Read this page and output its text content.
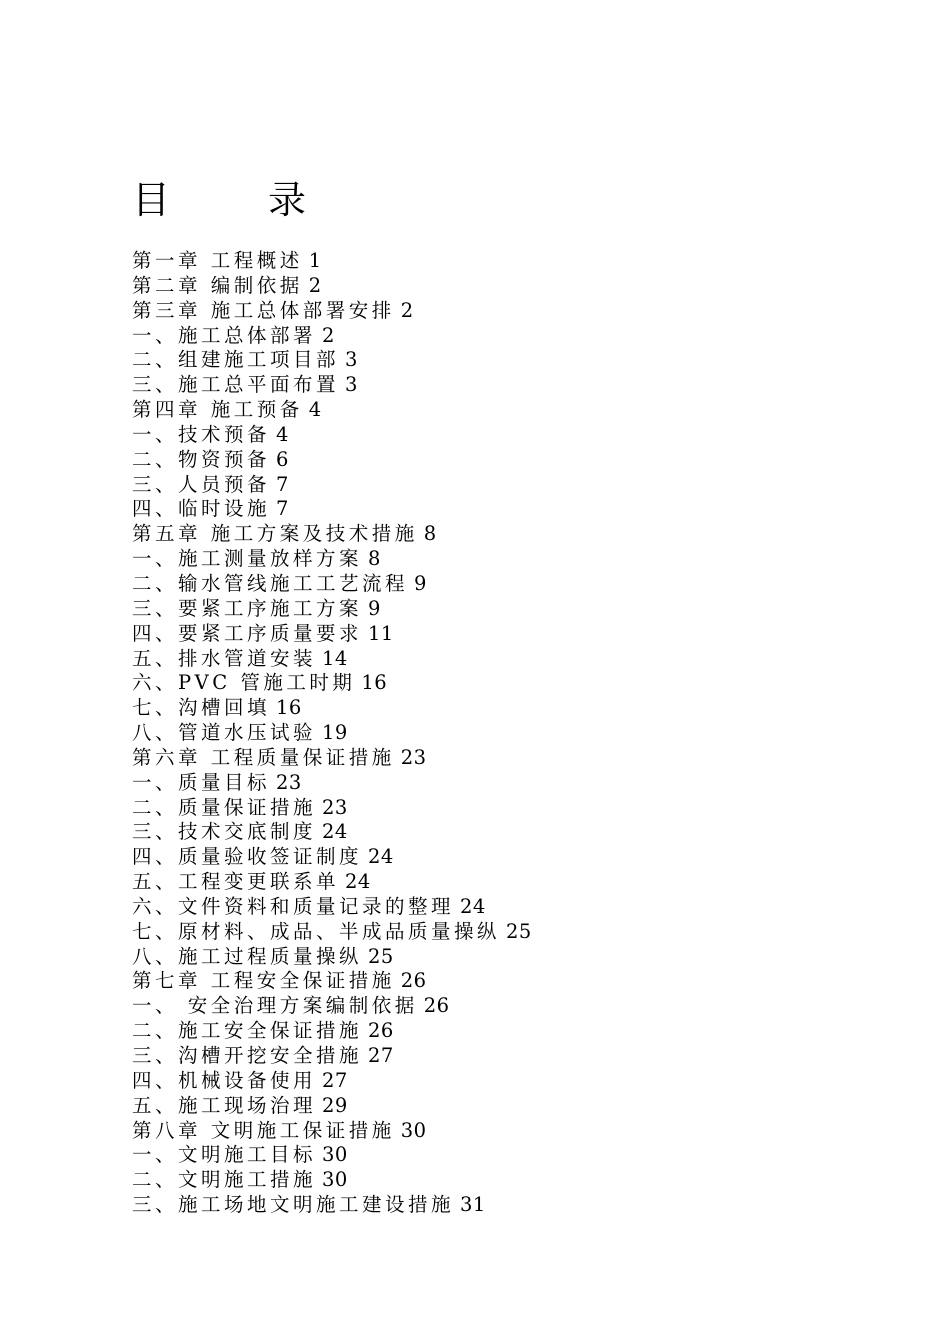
目　录
第一章 工程概述 1
第二章 编制依据 2
第三章 施工总体部署安排 2
一、施工总体部署 2
二、组建施工项目部 3
三、施工总平面布置 3
第四章 施工预备 4
一、技术预备 4
二、物资预备 6
三、人员预备 7
四、临时设施 7
第五章 施工方案及技术措施 8
一、施工测量放样方案 8
二、输水管线施工工艺流程 9
三、要紧工序施工方案 9
四、要紧工序质量要求 11
五、排水管道安装 14
六、PVC 管施工时期 16
七、沟槽回填 16
八、管道水压试验 19
第六章 工程质量保证措施 23
一、质量目标 23
二、质量保证措施 23
三、技术交底制度 24
四、质量验收签证制度 24
五、工程变更联系单 24
六、文件资料和质量记录的整理 24
七、原材料、成品、半成品质量操纵 25
八、施工过程质量操纵 25
第七章 工程安全保证措施 26
一、 安全治理方案编制依据 26
二、施工安全保证措施 26
三、沟槽开挖安全措施 27
四、机械设备使用 27
五、施工现场治理 29
第八章 文明施工保证措施 30
一、文明施工目标 30
二、文明施工措施 30
三、施工场地文明施工建设措施 31
